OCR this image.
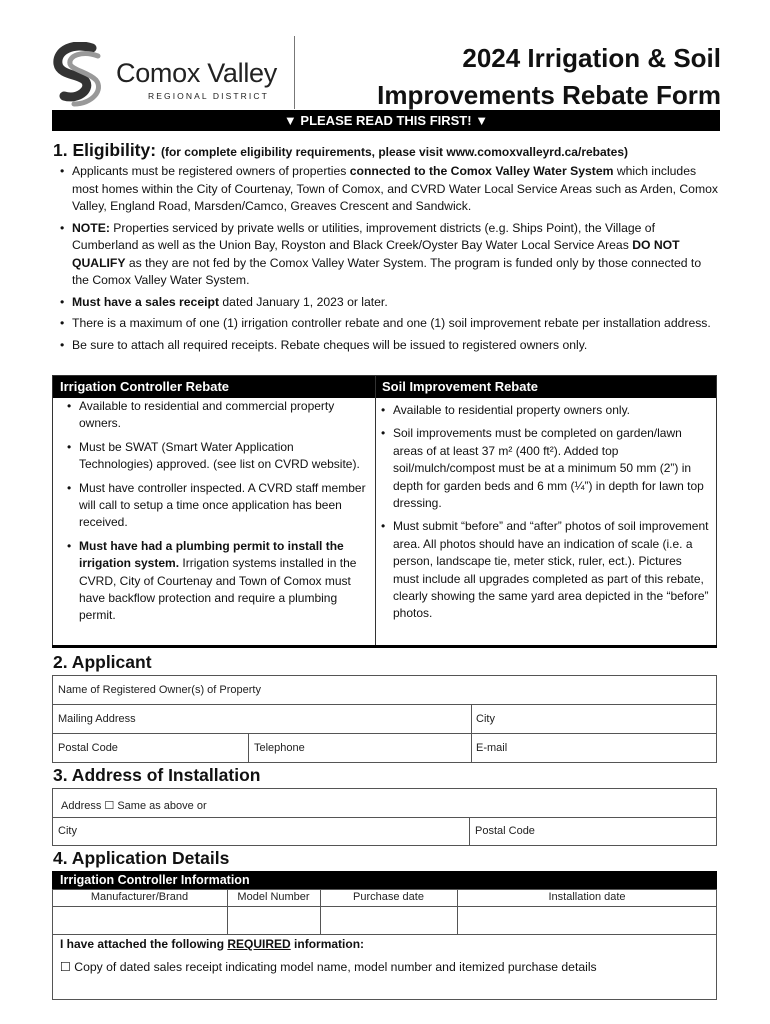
Comox Valley
REGIONAL DISTRICT
2024 Irrigation & Soil
Improvements Rebate Form
▼ PLEASE READ THIS FIRST! ▼
1. Eligibility: (for complete eligibility requirements, please visit www.comoxvalleyrd.ca/rebates)
• Applicants must be registered owners of properties connected to the Comox Valley Water System which includes most homes within the City of Courtenay, Town of Comox, and CVRD Water Local Service Areas such as Arden, Comox Valley, England Road, Marsden/Camco, Greaves Crescent and Sandwick.
• NOTE: Properties serviced by private wells or utilities, improvement districts (e.g. Ships Point), the Village of Cumberland as well as the Union Bay, Royston and Black Creek/Oyster Bay Water Local Service Areas DO NOT QUALIFY as they are not fed by the Comox Valley Water System. The program is funded only by those connected to the Comox Valley Water System.
• Must have a sales receipt dated January 1, 2023 or later.
• There is a maximum of one (1) irrigation controller rebate and one (1) soil improvement rebate per installation address.
• Be sure to attach all required receipts. Rebate cheques will be issued to registered owners only.
Irrigation Controller Rebate	Soil Improvement Rebate
• Available to residential and commercial property owners.
• Must be SWAT (Smart Water Application Technologies) approved. (see list on CVRD website).
• Must have controller inspected. A CVRD staff member will call to setup a time once application has been received.
• Must have had a plumbing permit to install the irrigation system. Irrigation systems installed in the CVRD, City of Courtenay and Town of Comox must have backflow protection and require a plumbing permit.
• Available to residential property owners only.
• Soil improvements must be completed on garden/lawn areas of at least 37 m² (400 ft²). Added top soil/mulch/compost must be at a minimum 50 mm (2”) in depth for garden beds and 6 mm (¼”) in depth for lawn top dressing.
• Must submit “before” and “after” photos of soil improvement area. All photos should have an indication of scale (i.e. a person, landscape tie, meter stick, ruler, ect.). Pictures must include all upgrades completed as part of this rebate, clearly showing the same yard area depicted in the “before” photos.
2. Applicant
Name of Registered Owner(s) of Property
Mailing Address	City
Postal Code	Telephone	E-mail
3. Address of Installation
Address ☐ Same as above or
City	Postal Code
4. Application Details
Irrigation Controller Information
Manufacturer/Brand	Model Number	Purchase date	Installation date
I have attached the following REQUIRED information:
☐ Copy of dated sales receipt indicating model name, model number and itemized purchase details
